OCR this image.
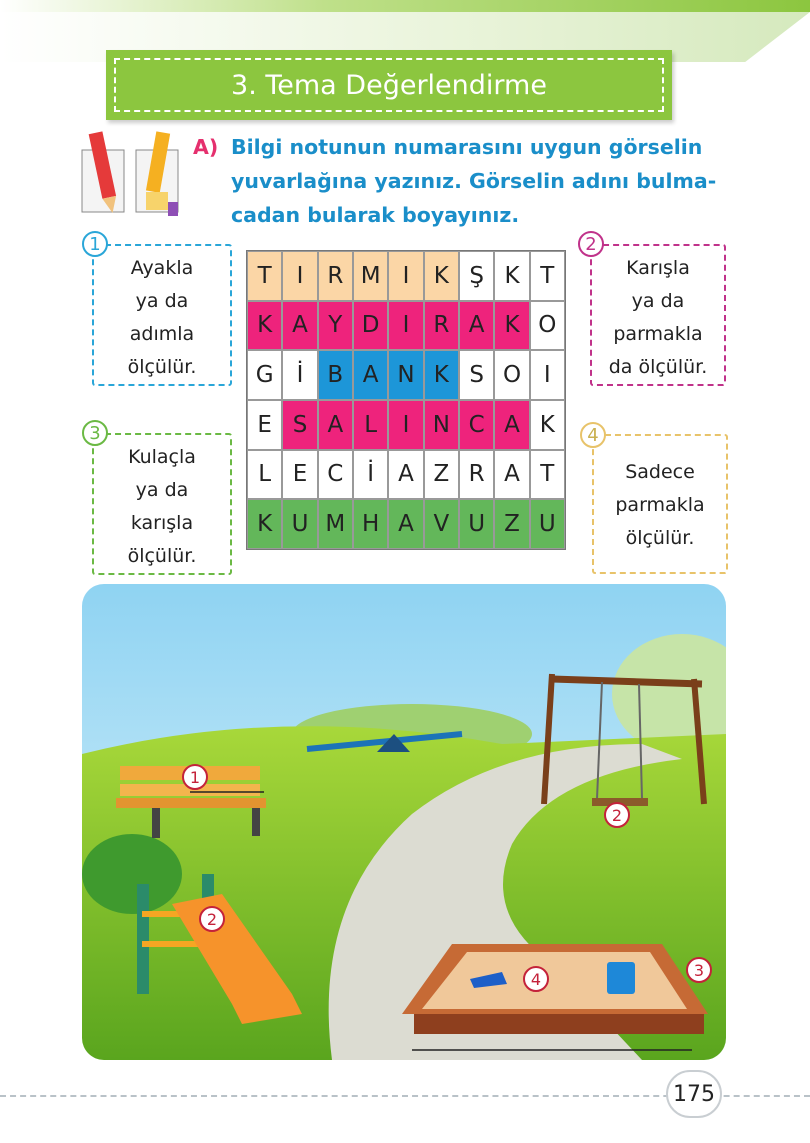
3. Tema Değerlendirme
A) Bilgi notunun numarasını uygun görselin
yuvarlağına yazınız. Görselin adını bulma-
cadan bularak boyayınız.
Ayakla
ya da
adımla
ölçülür.
1
Karışla
ya da
parmakla
da ölçülür.
2
Kulaçla
ya da
karışla
ölçülür.
3
Sadece
parmakla
ölçülür.
4
T	I	R M I	K Ş K T
K A Y D	I	R A K O
G	İ	B A N K S O I
E S A L	I	N C A K
L E C	İ	A Z R A T
K U M H A V U Z U
1
2
2
4	3
175
